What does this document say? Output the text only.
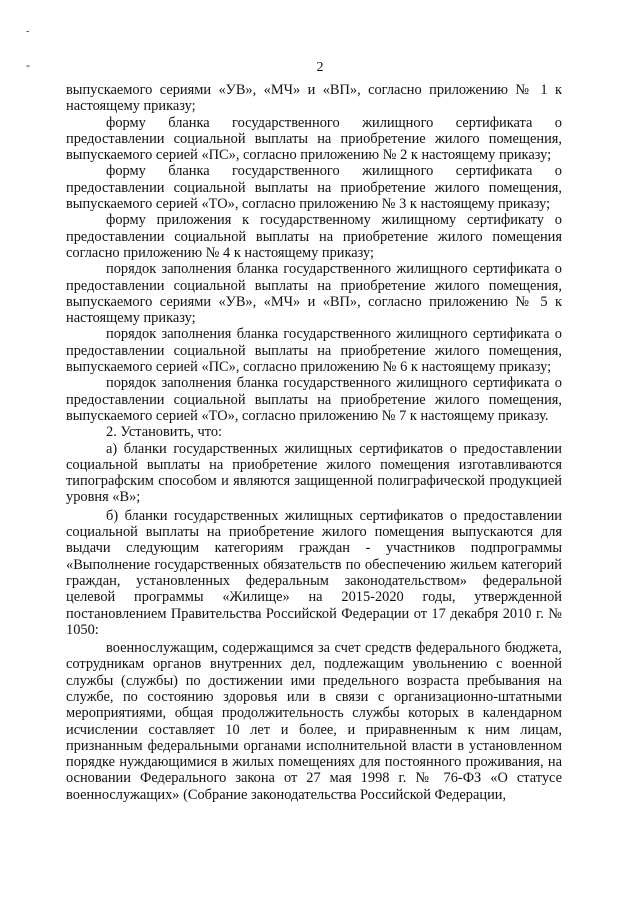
-
"	2

выпускаемого сериями «УВ», «МЧ» и «ВП», согласно приложению № 1 к настоящему приказу;

форму бланка государственного жилищного сертификата о предоставлении социальной выплаты на приобретение жилого помещения, выпускаемого серией «ПС», согласно приложению № 2 к настоящему приказу;

форму бланка государственного жилищного сертификата о предоставлении социальной выплаты на приобретение жилого помещения, выпускаемого серией «ТО», согласно приложению № 3 к настоящему приказу;

форму приложения к государственному жилищному сертификату о предоставлении социальной выплаты на приобретение жилого помещения согласно приложению № 4 к настоящему приказу;

порядок заполнения бланка государственного жилищного сертификата о предоставлении социальной выплаты на приобретение жилого помещения, выпускаемого сериями «УВ», «МЧ» и «ВП», согласно приложению № 5 к настоящему приказу;

порядок заполнения бланка государственного жилищного сертификата о предоставлении социальной выплаты на приобретение жилого помещения, выпускаемого серией «ПС», согласно приложению № 6 к настоящему приказу;

порядок заполнения бланка государственного жилищного сертификата о предоставлении социальной выплаты на приобретение жилого помещения, выпускаемого серией «ТО», согласно приложению № 7 к настоящему приказу.

2. Установить, что:

а) бланки государственных жилищных сертификатов о предоставлении социальной выплаты на приобретение жилого помещения изготавливаются типографским способом и являются защищенной полиграфической продукцией уровня «В»;

б) бланки государственных жилищных сертификатов о предоставлении социальной выплаты на приобретение жилого помещения выпускаются для выдачи следующим категориям граждан - участников подпрограммы «Выполнение государственных обязательств по обеспечению жильем категорий граждан, установленных федеральным законодательством» федеральной целевой программы «Жилище» на 2015-2020 годы, утвержденной постановлением Правительства Российской Федерации от 17 декабря 2010 г. № 1050:

военнослужащим, содержащимся за счет средств федерального бюджета, сотрудникам органов внутренних дел, подлежащим увольнению с военной службы (службы) по достижении ими предельного возраста пребывания на службе, по состоянию здоровья или в связи с организационно-штатными мероприятиями, общая продолжительность службы которых в календарном исчислении составляет 10 лет и более, и приравненным к ним лицам, признанным федеральными органами исполнительной власти в установленном порядке нуждающимися в жилых помещениях для постоянного проживания, на основании Федерального закона от 27 мая 1998 г. № 76-ФЗ «О статусе военнослужащих» (Собрание законодательства Российской Федерации,
